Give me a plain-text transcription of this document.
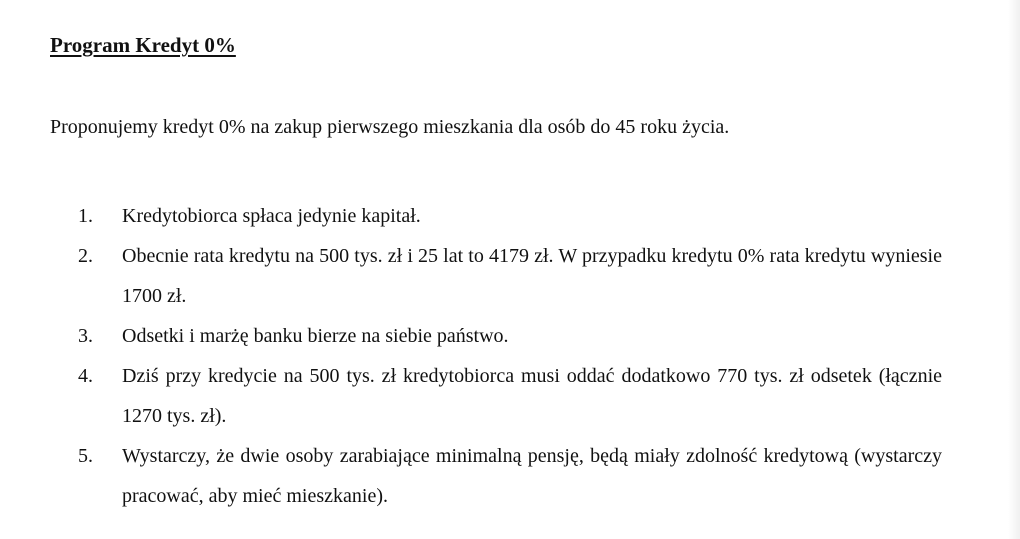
Program Kredyt 0%
Proponujemy kredyt 0% na zakup pierwszego mieszkania dla osób do 45 roku życia.
1.	Kredytobiorca spłaca jedynie kapitał.
2.	Obecnie rata kredytu na 500 tys. zł i 25 lat to 4179 zł. W przypadku kredytu 0% rata kredytu wyniesie 1700 zł.
3.	Odsetki i marżę banku bierze na siebie państwo.
4.	Dziś przy kredycie na 500 tys. zł kredytobiorca musi oddać dodatkowo 770 tys. zł odsetek (łącznie 1270 tys. zł).
5.	Wystarczy, że dwie osoby zarabiające minimalną pensję, będą miały zdolność kredytową (wystarczy pracować, aby mieć mieszkanie).
